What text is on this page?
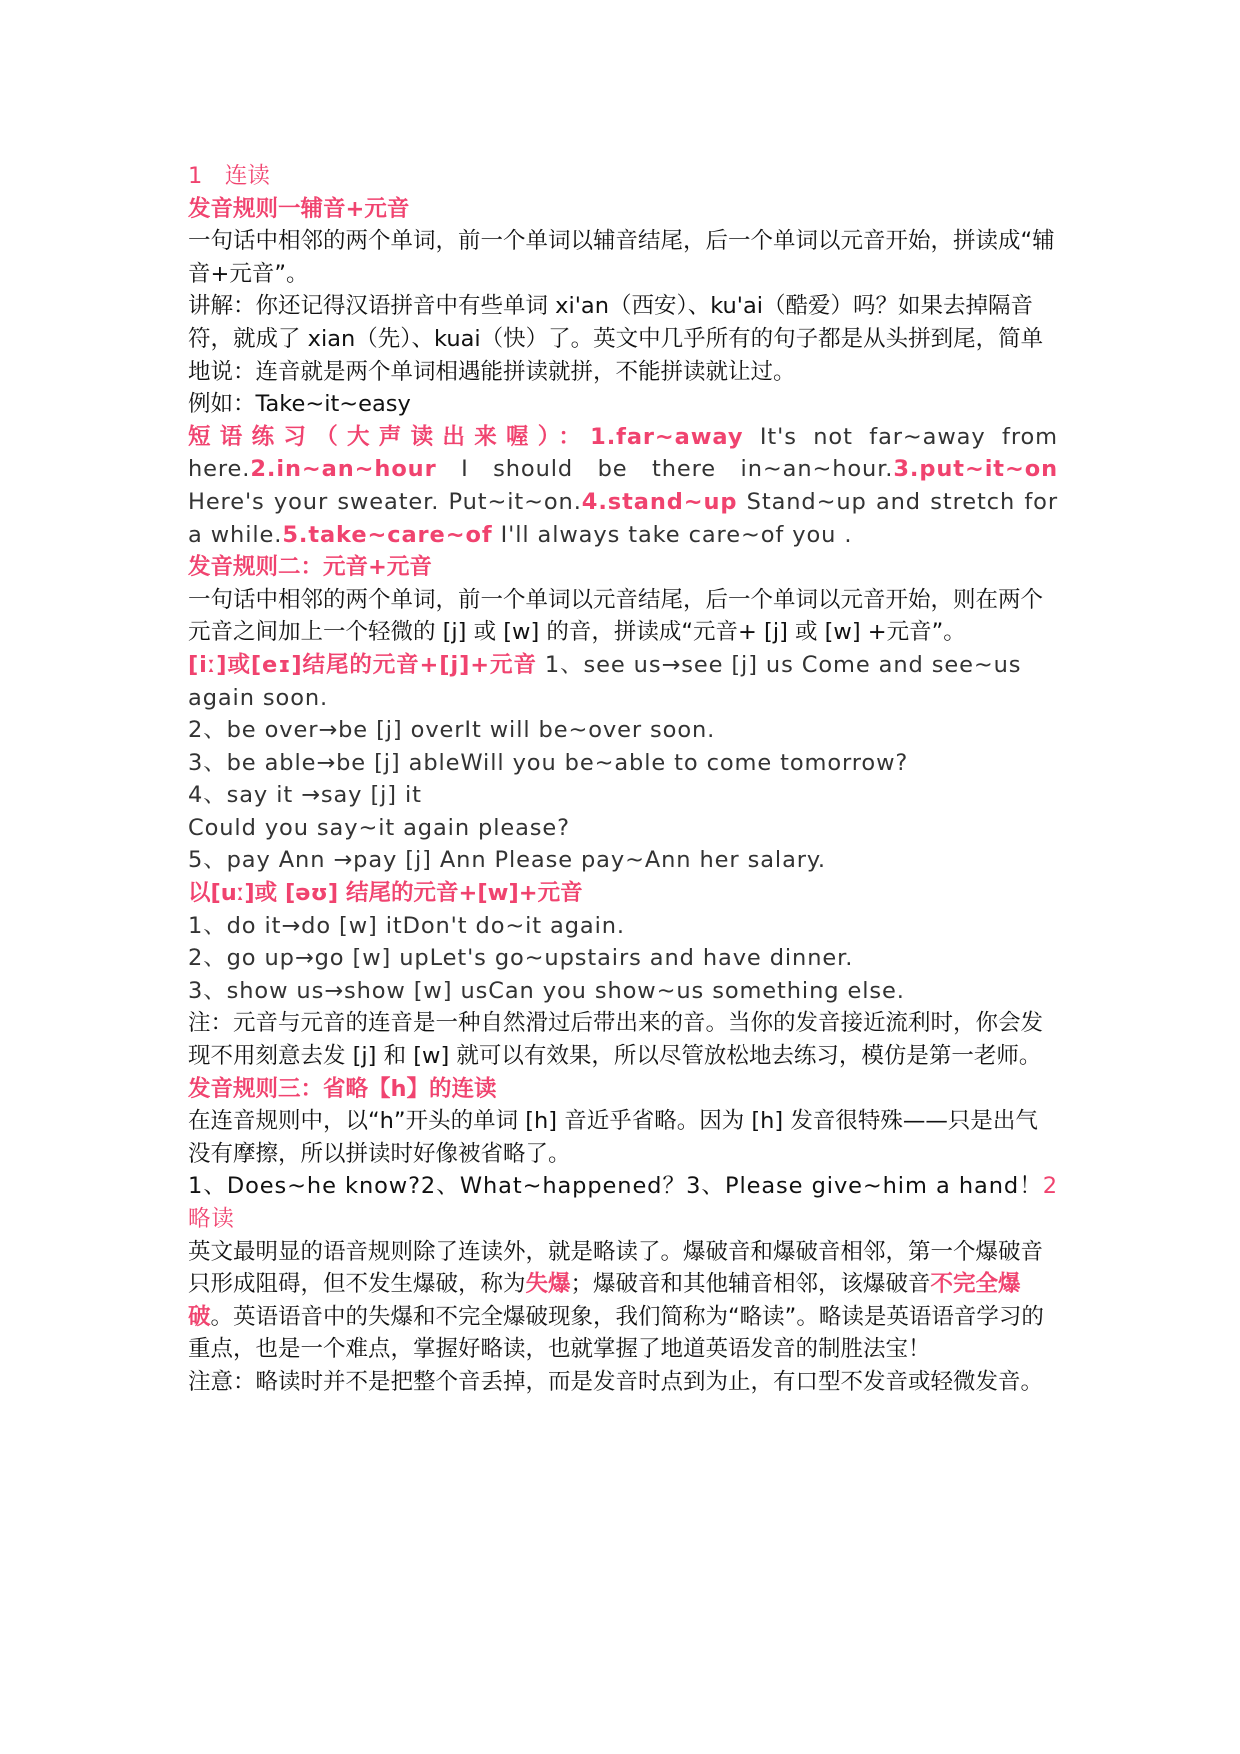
1　连读

发音规则一辅音+元音

一句话中相邻的两个单词，前一个单词以辅音结尾，后一个单词以元音开始，拼读成“辅音+元音”。

讲解：你还记得汉语拼音中有些单词 xi'an（西安）、ku'ai（酷爱）吗？如果去掉隔音符，就成了 xian（先）、kuai（快）了。英文中几乎所有的句子都是从头拼到尾，简单地说：连音就是两个单词相遇能拼读就拼，不能拼读就让过。

例如：Take~it~easy

短语练习（大声读出来喔）：1.far~away It's not far~away from here.2.in~an~hour I should be there in~an~hour.3.put~it~on Here's your sweater. Put~it~on.4.stand~up Stand~up and stretch for a while.5.take~care~of I'll always take care~of you .

发音规则二：元音+元音

一句话中相邻的两个单词，前一个单词以元音结尾，后一个单词以元音开始，则在两个元音之间加上一个轻微的 [j] 或 [w] 的音，拼读成“元音+ [j] 或 [w] +元音”。

[iː]或[eɪ]结尾的元音+[j]+元音 1、see us→see [j] us Come and see~us again soon.

2、be over→be [j] overIt will be~over soon.

3、be able→be [j] ableWill you be~able to come tomorrow?

4、say it →say [j] it

Could you say~it again please?

5、pay Ann →pay [j] Ann Please pay~Ann her salary.

以[uː]或 [əʊ] 结尾的元音+[w]+元音

1、do it→do [w] itDon't do~it again.

2、go up→go [w] upLet's go~upstairs and have dinner.

3、show us→show [w] usCan you show~us something else.

注：元音与元音的连音是一种自然滑过后带出来的音。当你的发音接近流利时，你会发现不用刻意去发 [j] 和 [w] 就可以有效果，所以尽管放松地去练习，模仿是第一老师。

发音规则三：省略【h】的连读

在连音规则中，以“h”开头的单词 [h] 音近乎省略。因为 [h] 发音很特殊——只是出气没有摩擦，所以拼读时好像被省略了。

1、Does~he know?2、What~happened？3、Please give~him a hand！2　略读

英文最明显的语音规则除了连读外，就是略读了。爆破音和爆破音相邻，第一个爆破音只形成阻碍，但不发生爆破，称为失爆；爆破音和其他辅音相邻，该爆破音不完全爆破。英语语音中的失爆和不完全爆破现象，我们简称为“略读”。略读是英语语音学习的重点，也是一个难点，掌握好略读，也就掌握了地道英语发音的制胜法宝！

注意：略读时并不是把整个音丢掉，而是发音时点到为止，有口型不发音或轻微发音。
